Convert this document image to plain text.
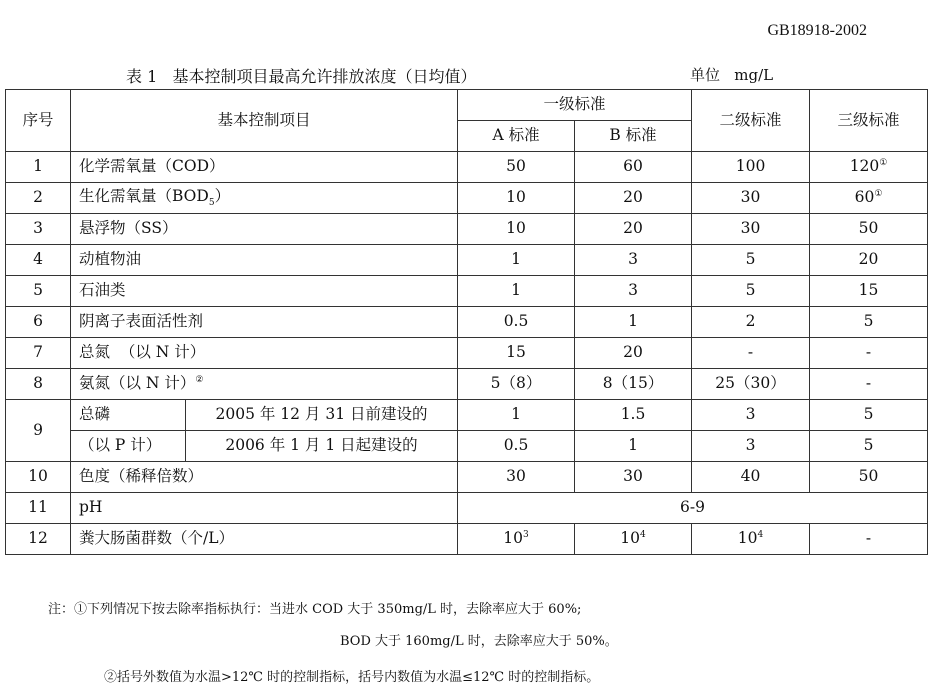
GB18918-2002
表 1   基本控制项目最高允许排放浓度（日均值）	单位   mg/L
序号	基本控制项目		一级标准		二级标准	三级标准
			A 标准	B 标准		
1	化学需氧量（COD）		50	60	100	120①
2	生化需氧量$(BOD_5)$		10	20	30	60①
3	悬浮物（SS）		10	20	30	50
4	动植物油		1	3	5	20
5	石油类		1	3	5	15
6	阴离子表面活性剂		0.5	1	2	5
7	总氮  （以 N 计）		15	20	-	-
8	氨氮（以 N 计）②		5（8）	8（15）	25（30）	-
9	总磷	2005 年 12 月 31 日前建设的	1	1.5	3	5
	（以 P 计）	2006 年 1 月 1 日起建设的	0.5	1	3	5
10	色度（稀释倍数）		30	30	40	50
11	pH		6-9			
12	粪大肠菌群数（个/L）		$10^3$	$10^4$	$10^4$	-
注：①下列情况下按去除率指标执行：当进水 COD 大于 350mg/L 时，去除率应大于 60%;
BOD 大于 160mg/L 时，去除率应大于 50%。
②括号外数值为水温>12℃ 时的控制指标，括号内数值为水温≤12℃ 时的控制指标。
